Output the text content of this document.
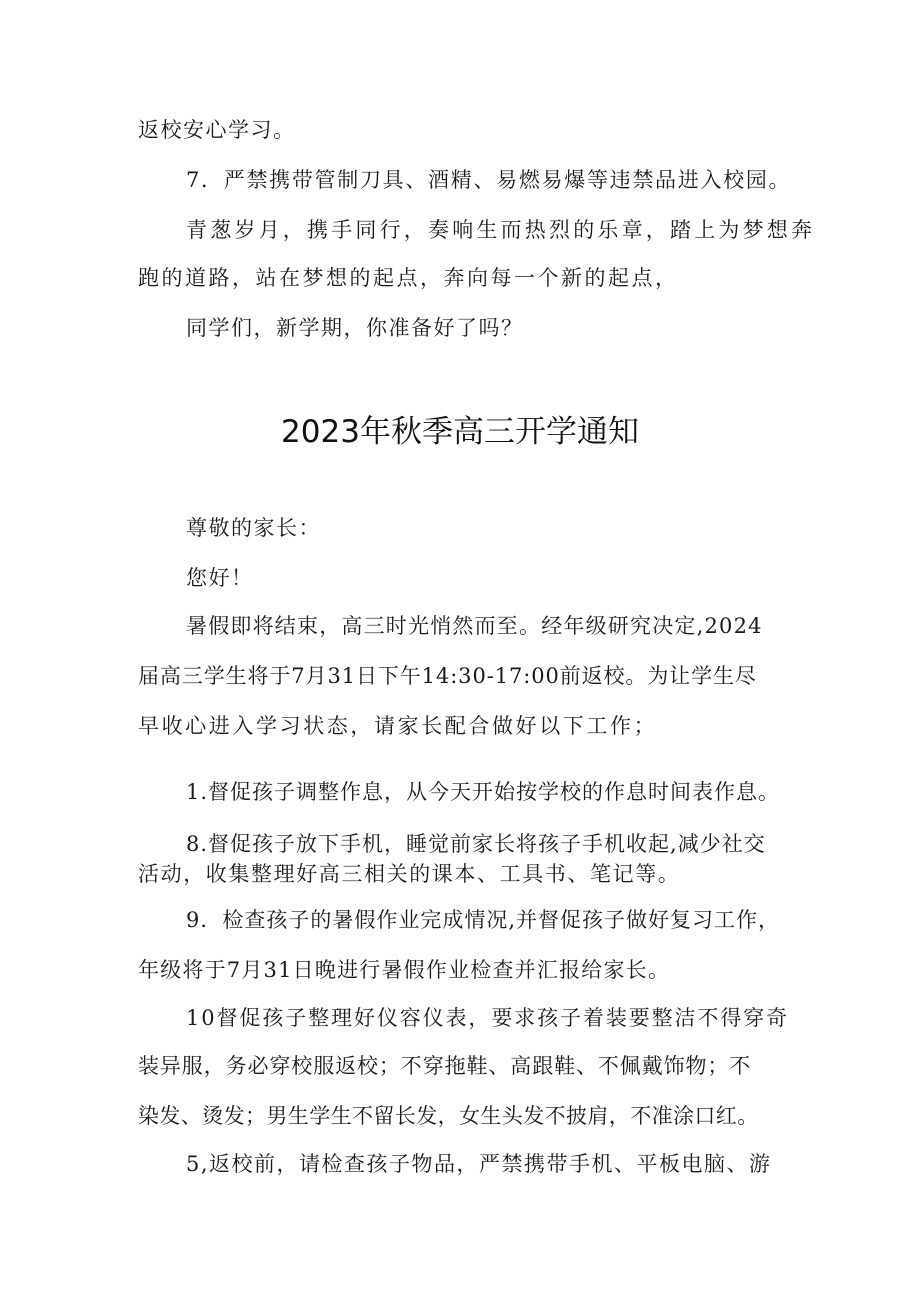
返校安心学习。
7．严禁携带管制刀具、酒精、易燃易爆等违禁品进入校园。
青葱岁月，携手同行，奏响生而热烈的乐章，踏上为梦想奔
跑的道路，站在梦想的起点，奔向每一个新的起点，
同学们，新学期，你准备好了吗？
2023年秋季高三开学通知
尊敬的家长：
您好！
暑假即将结束，高三时光悄然而至。经年级研究决定,2024
届高三学生将于7月31日下午14:30-17:00前返校。为让学生尽
早收心进入学习状态，请家长配合做好以下工作；
1.督促孩子调整作息，从今天开始按学校的作息时间表作息。
8.督促孩子放下手机，睡觉前家长将孩子手机收起,减少社交
活动，收集整理好高三相关的课本、工具书、笔记等。
9．检查孩子的暑假作业完成情况,并督促孩子做好复习工作，
年级将于7月31日晚进行暑假作业检查并汇报给家长。
10督促孩子整理好仪容仪表，要求孩子着装要整洁不得穿奇
装异服，务必穿校服返校；不穿拖鞋、高跟鞋、不佩戴饰物；不
染发、烫发；男生学生不留长发，女生头发不披肩，不准涂口红。
5,返校前，请检查孩子物品，严禁携带手机、平板电脑、游
